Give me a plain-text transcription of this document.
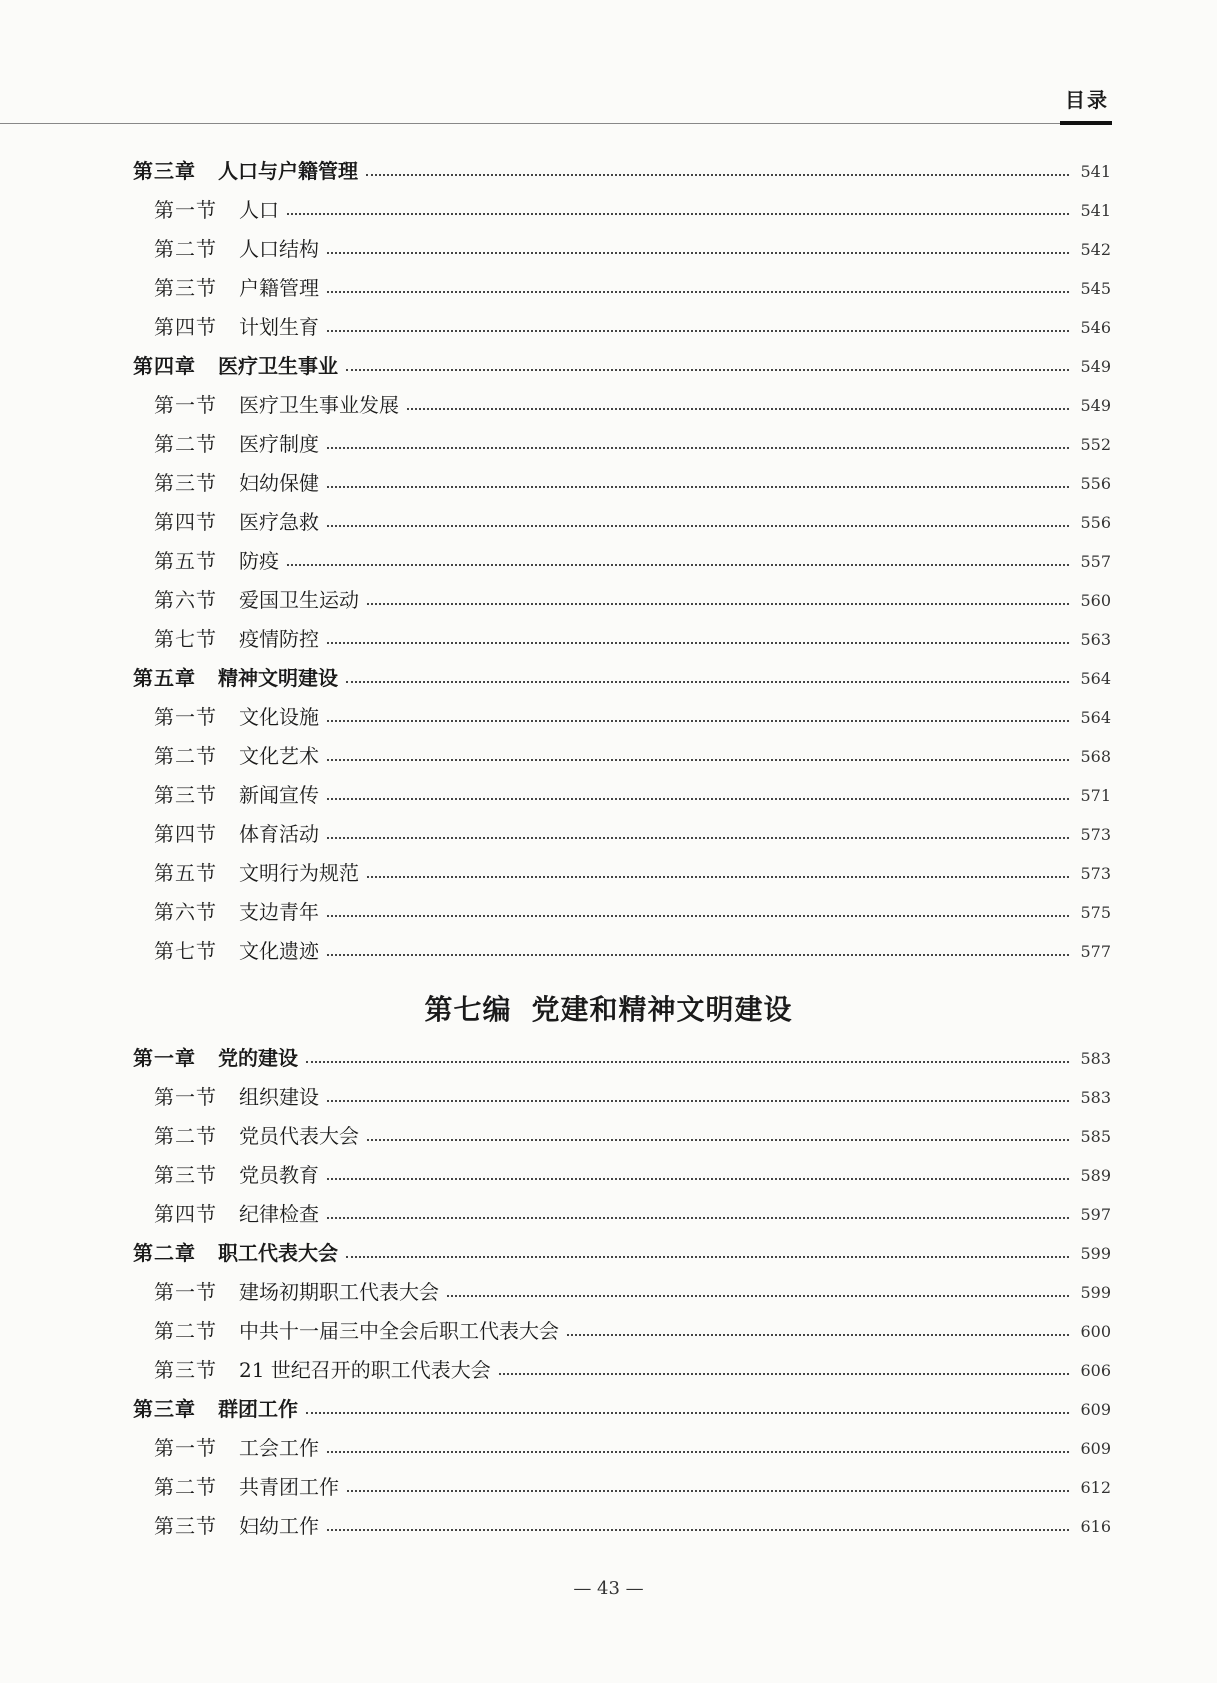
目录
第三章 人口与户籍管理	541
第一节 人口	541
第二节 人口结构	542
第三节 户籍管理	545
第四节 计划生育	546
第四章 医疗卫生事业	549
第一节 医疗卫生事业发展	549
第二节 医疗制度	552
第三节 妇幼保健	556
第四节 医疗急救	556
第五节 防疫	557
第六节 爱国卫生运动	560
第七节 疫情防控	563
第五章 精神文明建设	564
第一节 文化设施	564
第二节 文化艺术	568
第三节 新闻宣传	571
第四节 体育活动	573
第五节 文明行为规范	573
第六节 支边青年	575
第七节 文化遗迹	577
第七编 党建和精神文明建设
第一章 党的建设	583
第一节 组织建设	583
第二节 党员代表大会	585
第三节 党员教育	589
第四节 纪律检查	597
第二章 职工代表大会	599
第一节 建场初期职工代表大会	599
第二节 中共十一届三中全会后职工代表大会	600
第三节 21 世纪召开的职工代表大会	606
第三章 群团工作	609
第一节 工会工作	609
第二节 共青团工作	612
第三节 妇幼工作	616
— 43 —
